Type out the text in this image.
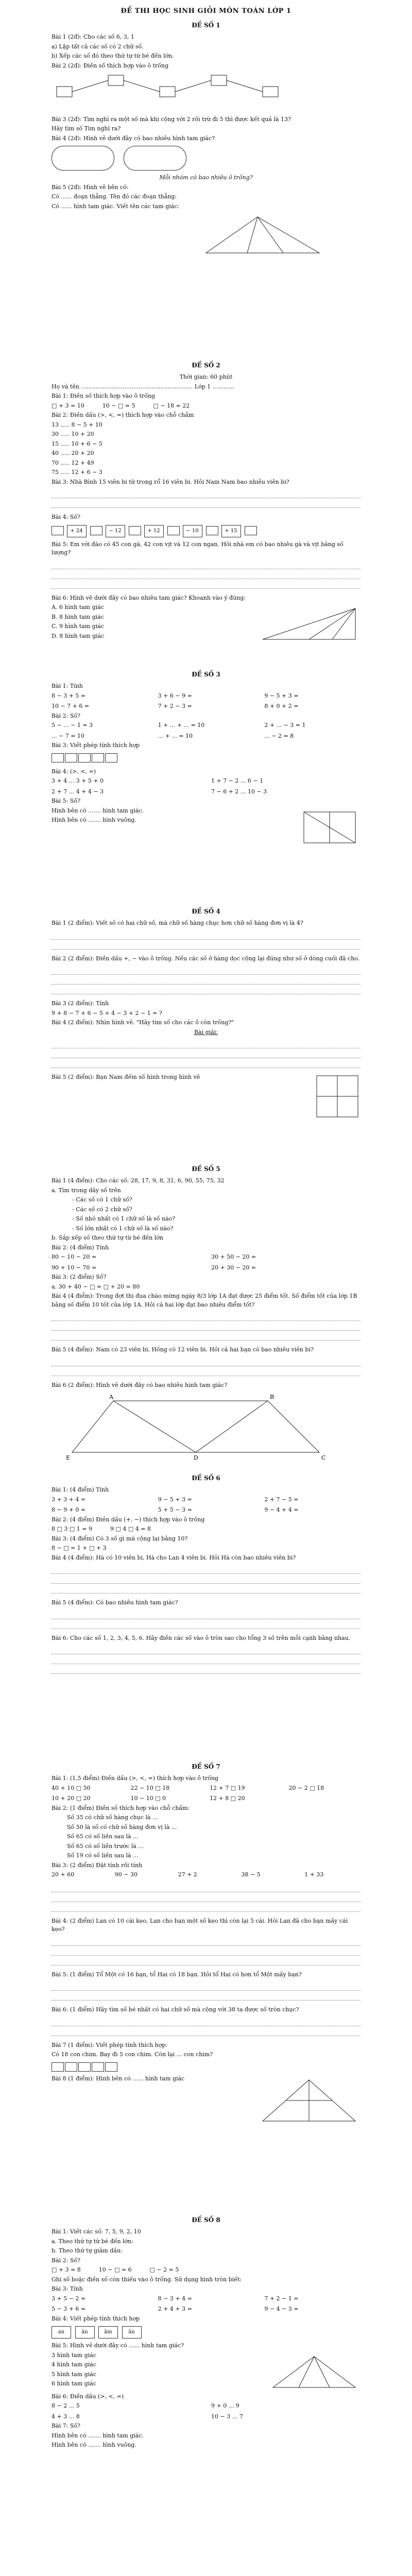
ĐỀ THI HỌC SINH GIỎI MÔN TOÁN LỚP 1
ĐỀ SỐ 1
Bài 1 (2đ): Cho các số 6, 3, 1
a) Lập tất cả các số có 2 chữ số.
b) Xếp các số đó theo thứ tự từ bé đến lớn.
Bài 2 (2đ): Điền số thích hợp vào ô trống
Bài 3 (2đ): Tìm nghĩ ra một số mà khi cộng với 2 rồi trừ đi 5 thì được kết quả là 13?
Hãy tìm số Tìm nghĩ ra?
Bài 4 (2đ): Hình vẽ dưới đây có bao nhiêu hình tam giác?

Mỗi nhóm có bao nhiêu ô trống?
Bài 5 (2đ): Hình vẽ bên có:
Có ...... đoạn thẳng. Tên đó các đoạn thẳng:
Có ...... hình tam giác. Viết tên các tam giác:
ĐỀ SỐ 2
Thời gian: 60 phút
Họ và tên .............................................................. Lớp 1 ............
Bài 1: Điền số thích hợp vào ô trống
□ + 3 = 10          10 − □ = 5          □ − 18 = 22
Bài 2: Điền dấu (>, <, =) thích hợp vào chỗ chấm
13 ..... 8 − 5 + 10
30 ..... 10 + 20
15 ..... 10 + 6 − 5
40 ..... 20 + 20
70 ..... 12 + 49
75 ..... 12 + 6 − 3
Bài 3: Nhà Bình 15 viên bi từ trong rổ 16 viên bi. Hỏi Nam Nam bao nhiêu viên bi?
Bài 4: Số?
+ 24	− 12	+ 12	− 10	+ 15
Bài 5: Em với đào có 45 con gà, 42 con vịt và 12 con ngan. Hỏi nhà em có bao nhiêu gà và vịt bằng số lượng?
Bài 6: Hình vẽ dưới đây có bao nhiêu tam giác? Khoanh vào ý đúng:
A. 6 hình tam giác
B. 8 hình tam giác
C. 9 hình tam giác
D. 8 hình tam giác
ĐỀ SỐ 3
Bài 1: Tính
8 − 3 + 5 =	3 + 6 − 9 =	9 − 5 + 3 =
10 − 7 + 6 =	7 + 2 − 3 =	8 + 0 + 2 =
Bài 2: Số?
5 − ... − 1 = 3	1 + ... + ... = 10	2 + ... − 3 = 1
... − 7 = 10	... + ... = 10	... − 2 = 8
Bài 3: Viết phép tính thích hợp
Bài 4: (>, <, =)
3 + 4 ... 3 + 5 + 0	1 + 7 − 2 ... 6 − 1
2 + 7 ... 4 + 4 − 3	7 − 6 + 2 ... 10 − 3
Bài 5: Số?
Hình bên có ....... hình tam giác.
Hình bên có ....... hình vuông.
ĐỀ SỐ 4
Bài 1 (2 điểm): Viết số có hai chữ số, mà chữ số hàng chục hơn chữ số hàng đơn vị là 4?
Bài 2 (2 điểm): Điền dấu +, − vào ô trống. Nếu các số ở hàng dọc cộng lại đúng như số ở dòng cuối đã cho.
Bài 3 (2 điểm): Tính
9 + 8 − 7 + 6 − 5 + 4 − 3 + 2 − 1 = ?
Bài 4 (2 điểm): Nhìn hình vẽ. "Hãy tìm số cho các ô còn trống?"
Bài giải:
Bài 5 (2 điểm): Bạn Nam đếm số hình trong hình vẽ
ĐỀ SỐ 5
Bài 1 (4 điểm): Cho các số: 28, 17, 9, 8, 31, 6, 90, 55, 75, 32
a. Tìm trong dãy số trên
- Các số có 1 chữ số?
- Các số có 2 chữ số?
- Số nhỏ nhất có 1 chữ số là số nào?
- Số lớn nhất có 1 chữ số là số nào?
b. Sắp xếp số theo thứ tự từ bé đến lớn
Bài 2: (4 điểm) Tính
80 − 10 − 20 =	30 + 50 − 20 =
90 + 10 − 70 =	20 + 30 − 20 =
Bài 3: (2 điểm) Số?
a. 30 + 40 − □ = □ + 20 = 80
Bài 4 (4 điểm): Trong đợt thi đua chào mừng ngày 8/3 lớp 1A đạt được 25 điểm tốt. Số điểm tốt của lớp 1B bằng số điểm 10 tốt của lớp 1A. Hỏi cả hai lớp đạt bao nhiêu điểm tốt?
Bài 5 (4 điểm): Nam có 23 viên bi, Hồng có 12 viên bi. Hỏi cả hai bạn có bao nhiêu viên bi?
Bài 6 (2 điểm): Hình vẽ dưới đây có bao nhiêu hình tam giác?
A	B
C
D
E
ĐỀ SỐ 6
Bài 1: (4 điểm) Tính
3 + 3 + 4 =	9 − 5 + 3 =	2 + 7 − 5 =
8 − 9 + 0 =	5 + 5 − 3 =	9 − 4 + 4 =
Bài 2: (4 điểm) Điền dấu (+, −) thích hợp vào ô trống
8 □ 3 □ 1 = 9          9 □ 4 □ 4 = 8
Bài 3: (4 điểm) Có 3 số gì mà cộng lại bằng 10?
8 − □ = 1 + □ + 3
Bài 4 (4 điểm): Hà có 10 viên bi, Hà cho Lan 4 viên bi. Hỏi Hà còn bao nhiêu viên bi?
Bài 5 (4 điểm): Có bao nhiêu hình tam giác?
Bài 6: Cho các số 1, 2, 3, 4, 5, 6. Hãy điền các số vào ô tròn sao cho tổng 3 số trên mỗi cạnh bằng nhau.
ĐỀ SỐ 7
Bài 1: (1,5 điểm) Điền dấu (>, <, =) thích hợp vào ô trống
40 + 10 □ 50	22 − 10 □ 18	12 + 7 □ 19	20 − 2 □ 18
10 + 20 □ 20	10 − 10 □ 0	12 + 8 □ 20
Bài 2: (1 điểm) Điền số thích hợp vào chỗ chấm:
Số 35 có chữ số hàng chục là ...
Số 50 là số có chữ số hàng đơn vị là ...
Số 65 có số liền sau là ...
Số 65 có số liền trước là ...
Số 19 có số liền sau là ...
Bài 3: (2 điểm) Đặt tính rồi tính
20 + 60	90 − 30	27 + 2	38 − 5	1 + 33
Bài 4: (2 điểm) Lan có 10 cái kẹo, Lan cho bạn một số kẹo thì còn lại 5 cái. Hỏi Lan đã cho bạn mấy cái kẹo?
Bài 5: (1 điểm) Tổ Một có 16 bạn, tổ Hai có 18 bạn. Hỏi tổ Hai có hơn tổ Một mấy bạn?
Bài 6: (1 điểm) Hãy tìm số bé nhất có hai chữ số mà cộng với 38 ta được số tròn chục?
Bài 7 (1 điểm): Viết phép tính thích hợp:
Có 18 con chim. Bay đi 5 con chim. Còn lại ... con chim?
Bài 8 (1 điểm): Hình bên có ...... hình tam giác
ĐỀ SỐ 8
Bài 1: Viết các số: 7, 5, 9, 2, 10
a. Theo thứ tự từ bé đến lớn:
b. Theo thứ tự giảm dần:
Bài 2: Số?
□ + 3 = 8          10 − □ = 6          □ − 2 = 5
Ghi số hoặc điền số còn thiếu vào ô trống. Sử dụng hình tròn biết:
Bài 3: Tính
3 + 5 − 2 =	8 − 3 + 4 =	7 + 2 − 1 =
5 − 3 + 6 =	2 + 4 + 3 =	9 − 4 − 3 =
Bài 4: Viết phép tính thích hợp
an	ăn	âm	ân
Bài 5: Hình vẽ dưới đây có ...... hình tam giác?
3 hình tam giác
4 hình tam giác
5 hình tam giác
6 hình tam giác
Bài 6: Điền dấu (>, <, =)
8 − 2 ... 5	9 + 0 ... 9
4 + 3 ... 8	10 − 3 ... 7
Bài 7: Số?
Hình bên có ....... hình tam giác.
Hình bên có ....... hình vuông.
